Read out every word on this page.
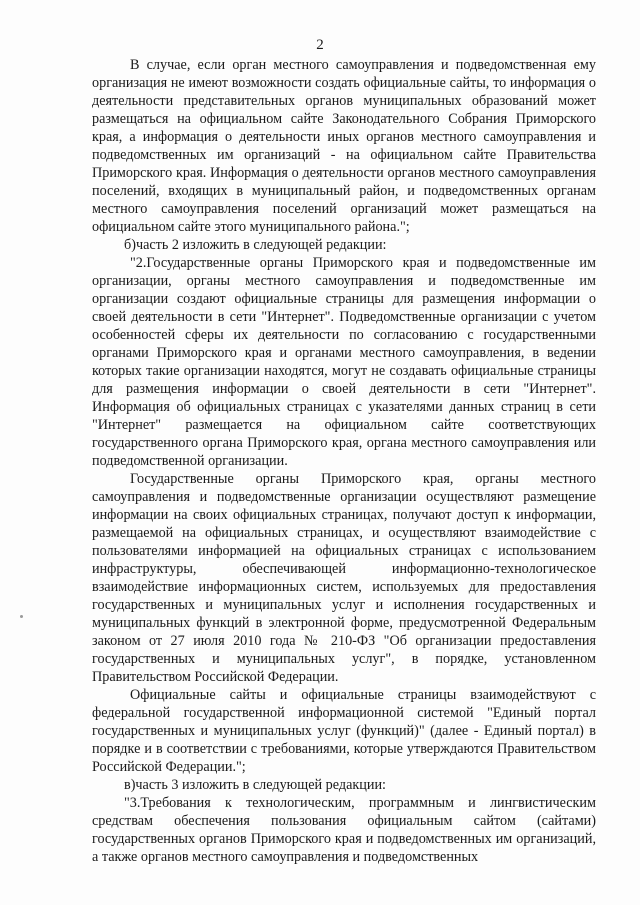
2

В случае, если орган местного самоуправления и подведомственная ему организация не имеют возможности создать официальные сайты, то информация о деятельности представительных органов муниципальных образований может размещаться на официальном сайте Законодательного Собрания Приморского края, а информация о деятельности иных органов местного самоуправления и подведомственных им организаций - на официальном сайте Правительства Приморского края. Информация о деятельности органов местного самоуправления поселений, входящих в муниципальный район, и подведомственных органам местного самоуправления поселений организаций может размещаться на официальном сайте этого муниципального района.";

б)часть 2 изложить в следующей редакции:

"2.Государственные органы Приморского края и подведомственные им организации, органы местного самоуправления и подведомственные им организации создают официальные страницы для размещения информации о своей деятельности в сети "Интернет". Подведомственные организации с учетом особенностей сферы их деятельности по согласованию с государственными органами Приморского края и органами местного самоуправления, в ведении которых такие организации находятся, могут не создавать официальные страницы для размещения информации о своей деятельности в сети "Интернет". Информация об официальных страницах с указателями данных страниц в сети "Интернет" размещается на официальном сайте соответствующих государственного органа Приморского края, органа местного самоуправления или подведомственной организации.

Государственные органы Приморского края, органы местного самоуправления и подведомственные организации осуществляют размещение информации на своих официальных страницах, получают доступ к информации, размещаемой на официальных страницах, и осуществляют взаимодействие с пользователями информацией на официальных страницах с использованием инфраструктуры, обеспечивающей информационно-технологическое взаимодействие информационных систем, используемых для предоставления государственных и муниципальных услуг и исполнения государственных и муниципальных функций в электронной форме, предусмотренной Федеральным законом от 27 июля 2010 года № 210-ФЗ "Об организации предоставления государственных и муниципальных услуг", в порядке, установленном Правительством Российской Федерации.

Официальные сайты и официальные страницы взаимодействуют с федеральной государственной информационной системой "Единый портал государственных и муниципальных услуг (функций)" (далее - Единый портал) в порядке и в соответствии с требованиями, которые утверждаются Правительством Российской Федерации.";

в)часть 3 изложить в следующей редакции:

"3.Требования к технологическим, программным и лингвистическим средствам обеспечения пользования официальным сайтом (сайтами) государственных органов Приморского края и подведомственных им организаций, а также органов местного самоуправления и подведомственных
